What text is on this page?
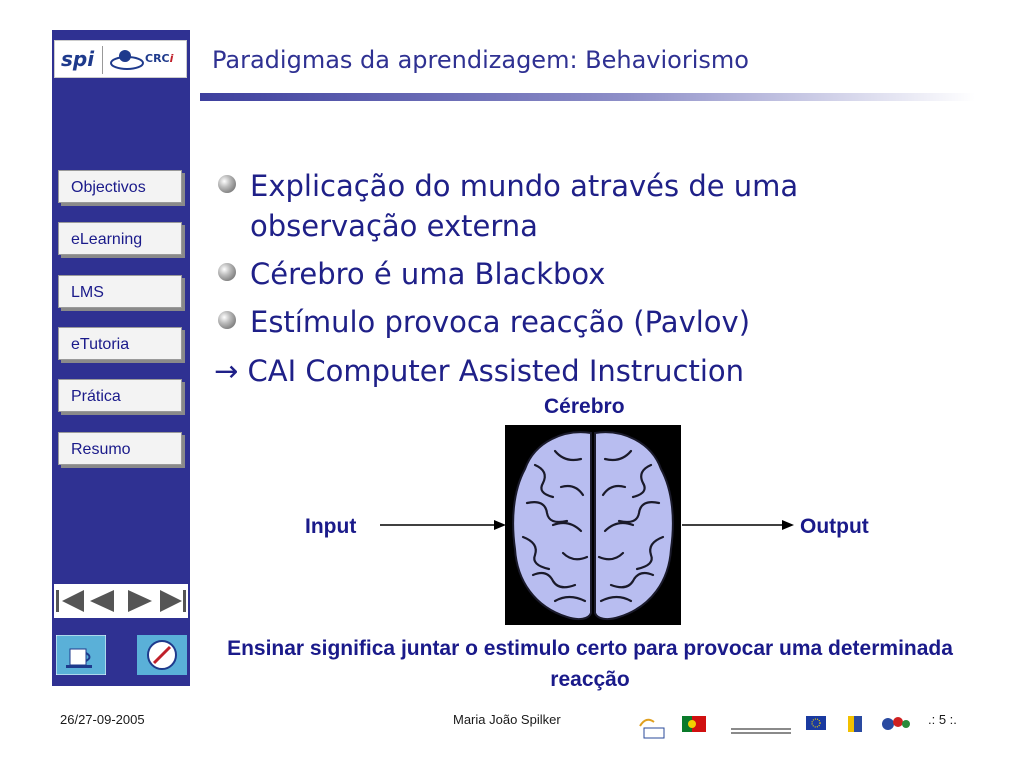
spi	CRCi
Objectivos
eLearning
LMS
eTutoria
Prática
Resumo
Paradigmas da aprendizagem: Behaviorismo
Explicação do mundo através de uma observação externa
Cérebro é uma Blackbox
Estímulo provoca reacção (Pavlov)
→ CAI Computer Assisted Instruction
Cérebro
Input	Output
Ensinar significa juntar o estimulo certo para provocar uma determinada reacção
26/27-09-2005	Maria João Spilker	.: 5 :.
